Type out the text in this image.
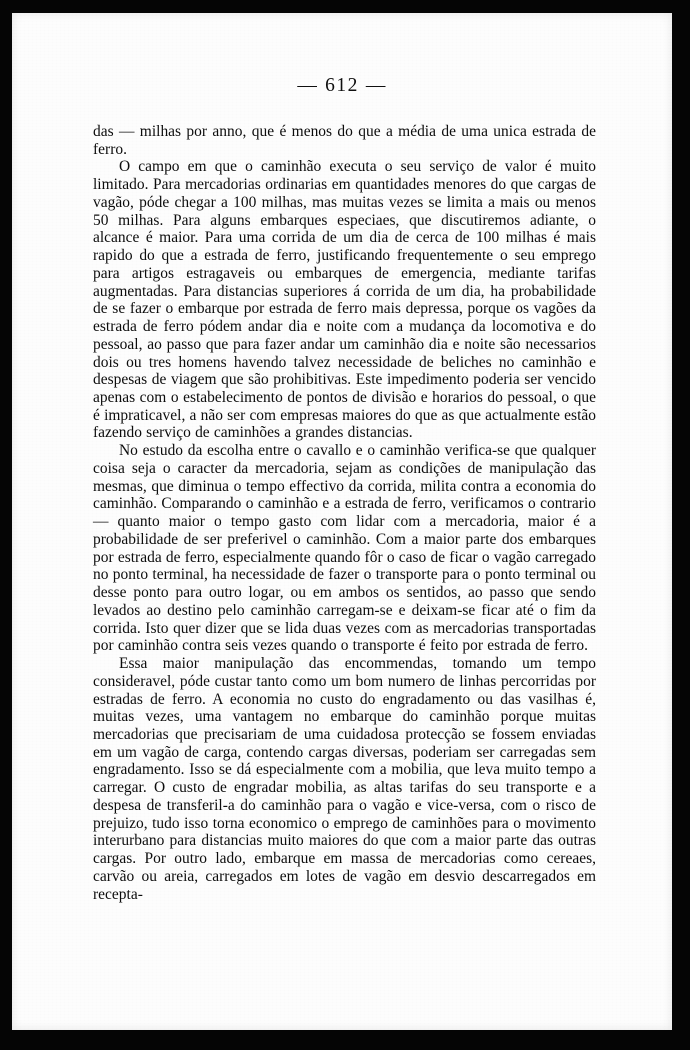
— 612 —

das — milhas por anno, que é menos do que a média de uma unica estrada de ferro.

O campo em que o caminhão executa o seu serviço de valor é muito limitado. Para mercadorias ordinarias em quantidades menores do que cargas de vagão, póde chegar a 100 milhas, mas muitas vezes se limita a mais ou menos 50 milhas. Para alguns embarques especiaes, que discutiremos adiante, o alcance é maior. Para uma corrida de um dia de cerca de 100 milhas é mais rapido do que a estrada de ferro, justificando frequentemente o seu emprego para artigos estragaveis ou embarques de emergencia, mediante tarifas augmentadas. Para distancias superiores á corrida de um dia, ha probabilidade de se fazer o embarque por estrada de ferro mais depressa, porque os vagões da estrada de ferro pódem andar dia e noite com a mudança da locomotiva e do pessoal, ao passo que para fazer andar um caminhão dia e noite são necessarios dois ou tres homens havendo talvez necessidade de beliches no caminhão e despesas de viagem que são prohibitivas. Este impedimento poderia ser vencido apenas com o estabelecimento de pontos de divisão e horarios do pessoal, o que é impraticavel, a não ser com empresas maiores do que as que actualmente estão fazendo serviço de caminhões a grandes distancias.

No estudo da escolha entre o cavallo e o caminhão verifica-se que qualquer coisa seja o caracter da mercadoria, sejam as condições de manipulação das mesmas, que diminua o tempo effectivo da corrida, milita contra a economia do caminhão. Comparando o caminhão e a estrada de ferro, verificamos o contrario — quanto maior o tempo gasto com lidar com a mercadoria, maior é a probabilidade de ser preferivel o caminhão. Com a maior parte dos embarques por estrada de ferro, especialmente quando fôr o caso de ficar o vagão carregado no ponto terminal, ha necessidade de fazer o transporte para o ponto terminal ou desse ponto para outro logar, ou em ambos os sentidos, ao passo que sendo levados ao destino pelo caminhão carregam-se e deixam-se ficar até o fim da corrida. Isto quer dizer que se lida duas vezes com as mercadorias transportadas por caminhão contra seis vezes quando o transporte é feito por estrada de ferro.

Essa maior manipulação das encommendas, tomando um tempo consideravel, póde custar tanto como um bom numero de linhas percorridas por estradas de ferro. A economia no custo do engradamento ou das vasilhas é, muitas vezes, uma vantagem no embarque do caminhão porque muitas mercadorias que precisariam de uma cuidadosa protecção se fossem enviadas em um vagão de carga, contendo cargas diversas, poderiam ser carregadas sem engradamento. Isso se dá especialmente com a mobilia, que leva muito tempo a carregar. O custo de engradar mobilia, as altas tarifas do seu transporte e a despesa de transferil-a do caminhão para o vagão e vice-versa, com o risco de prejuizo, tudo isso torna economico o emprego de caminhões para o movimento interurbano para distancias muito maiores do que com a maior parte das outras cargas. Por outro lado, embarque em massa de mercadorias como cereaes, carvão ou areia, carregados em lotes de vagão em desvio descarregados em recepta-
